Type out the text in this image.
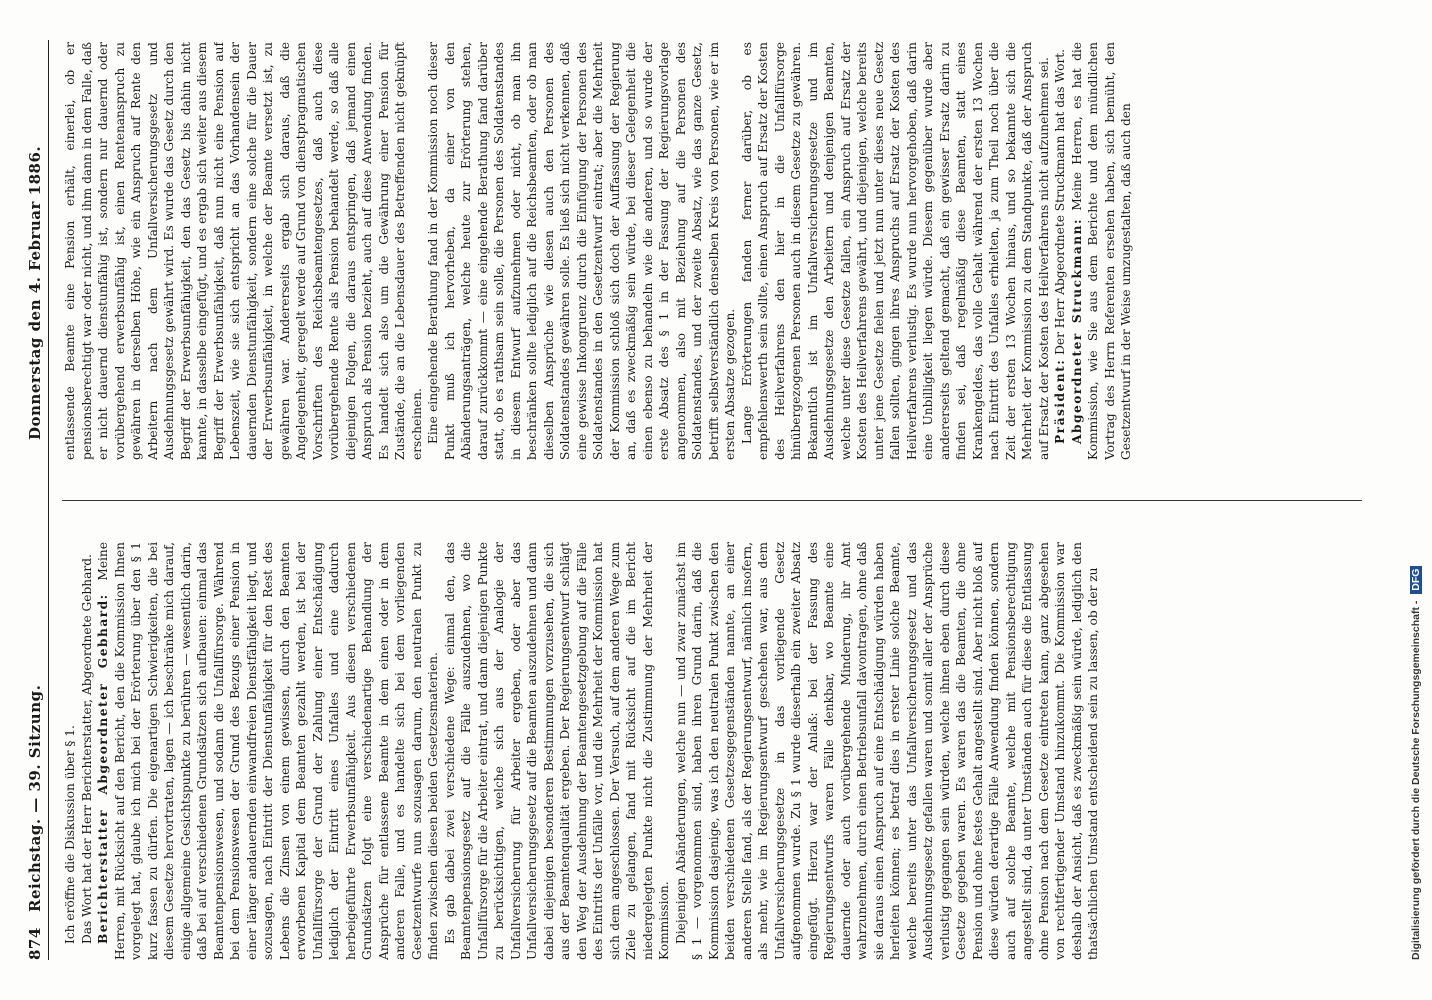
874
Reichstag. — 39. Sitzung.
Donnerstag den 4. Februar 1886.

Ich eröffne die Diskussion über § 1. Das Wort hat der Herr Berichterstatter, Abgeordnete Gebhard. Berichterstatter Abgeordneter Gebhard: Meine Herren, mit Rücksicht auf den Bericht, den die Kommission Ihnen vorgelegt hat, glaube ich mich bei der Erörterung über den § 1 kurz fassen zu dürfen. Die eigenartigen Schwierigkeiten, die bei diesem Gesetze hervortraten, lagen — ich beschränke mich darauf, einige allgemeine Gesichtspunkte zu berühren — wesentlich darin, daß bei auf verschiedenen Grundsätzen sich aufbauen: einmal das Beamtenpensionswesen, und sodann die Unfallfürsorge. Während bei dem Pensionswesen der Grund des Bezugs einer Pension in einer länger andauernden einwandfreien Dienstfähigkeit liegt, und sozusagen, nach Eintritt der Dienstunfähigkeit für den Rest des Lebens die Zinsen von einem gewissen, durch den Beamten erworbenen Kapital dem Beamten gezahlt werden, ist bei der Unfallfürsorge der Grund der Zahlung einer Entschädigung lediglich der Eintritt eines Unfalles und eine dadurch herbeigeführte Erwerbsunfähigkeit. Aus diesen verschiedenen Grundsätzen folgt eine verschiedenartige Behandlung der Ansprüche für entlassene Beamte in dem einen oder in dem anderen Falle, und es handelte sich bei dem vorliegenden Gesetzentwurfe nun sozusagen darum, den neutralen Punkt zu finden zwischen diesen beiden Gesetzesmaterien. Es gab dabei zwei verschiedene Wege: einmal den, das Beamtenpensionsgesetz auf die Fälle auszudehnen, wo die Unfallfürsorge für die Arbeiter eintrat, und dann diejenigen Punkte zu berücksichtigen, welche sich aus der Analogie der Unfallversicherung für Arbeiter ergeben, oder aber das Unfallversicherungsgesetz auf die Beamten auszudehnen und dann dabei diejenigen besonderen Bestimmungen vorzusehen, die sich aus der Beamtenqualität ergeben. Der Regierungsentwurf schlägt den Weg der Ausdehnung der Beamtengesetzgebung auf die Fälle des Eintritts der Unfälle vor, und die Mehrheit der Kommission hat sich dem angeschlossen. Der Versuch, auf dem anderen Wege zum Ziele zu gelangen, fand mit Rücksicht auf die im Bericht niedergelegten Punkte nicht die Zustimmung der Mehrheit der Kommission. Diejenigen Abänderungen, welche nun — und zwar zunächst im § 1 — vorgenommen sind, haben ihren Grund darin, daß die Kommission dasjenige, was ich den neutralen Punkt zwischen den beiden verschiedenen Gesetzesgegenständen nannte, an einer anderen Stelle fand, als der Regierungsentwurf, nämlich insofern, als mehr, wie im Regierungsentwurf geschehen war, aus dem Unfallversicherungsgesetze in das vorliegende Gesetz aufgenommen wurde. Zu § 1 wurde dieserhalb ein zweiter Absatz eingefügt. Hierzu war der Anlaß: bei der Fassung des Regierungsentwurfs waren Fälle denkbar, wo Beamte eine dauernde oder auch vorübergehende Minderung, ihr Amt wahrzunehmen, durch einen Betriebsunfall davontragen, ohne daß sie daraus einen Anspruch auf eine Entschädigung würden haben herleiten können; es betraf dies in erster Linie solche Beamte, welche bereits unter das Unfallversicherungsgesetz und das Ausdehnungsgesetz gefallen waren und somit aller der Ansprüche verlustig gegangen sein würden, welche ihnen eben durch diese Gesetze gegeben waren. Es waren das die Beamten, die ohne Pension und ohne festes Gehalt angestellt sind. Aber nicht bloß auf diese würden derartige Fälle Anwendung finden können, sondern auch auf solche Beamte, welche mit Pensionsberechtigung angestellt sind, da unter Umständen auch für diese die Entlassung ohne Pension nach dem Gesetze eintreten kann, ganz abgesehen von rechtfertigender Umstand hinzukommt. Die Kommission war deshalb der Ansicht, daß es zweckmäßig sein würde, lediglich den thatsächlichen Umstand entscheidend sein zu lassen, ob der zu

entlassende Beamte eine Pension erhält, einerlei, ob er pensionsberechtigt war oder nicht, und ihm dann in dem Falle, daß er nicht dauernd dienstunfähig ist, sondern nur dauernd oder vorübergehend erwerbsunfähig ist, einen Rentenanspruch zu gewähren in derselben Höhe, wie ein Anspruch auf Rente den Arbeitern nach dem Unfallversicherungsgesetz und Ausdehnungsgesetz gewährt wird. Es wurde das Gesetz durch den Begriff der Erwerbsunfähigkeit, den das Gesetz bis dahin nicht kannte, in dasselbe eingefügt, und es ergab sich weiter aus diesem Begriff der Erwerbsunfähigkeit, daß nun nicht eine Pension auf Lebenszeit, wie sie sich entspricht an das Vorhandensein der dauernden Dienstunfähigkeit, sondern eine solche für die Dauer der Erwerbsunfähigkeit, in welche der Beamte versetzt ist, zu gewähren war. Andererseits ergab sich daraus, daß die Angelegenheit, geregelt werde auf Grund von dienstpragmatischen Vorschriften des Reichsbeamtengesetzes, daß auch diese vorübergehende Rente als Pension behandelt werde, so daß alle diejenigen Folgen, die daraus entspringen, daß jemand einen Anspruch als Pension bezieht, auch auf diese Anwendung finden. Es handelt sich also um die Gewährung einer Pension für Zustände, die an die Lebensdauer des Betreffenden nicht geknüpft erscheinen. Eine eingehende Berathung fand in der Kommission noch dieser Punkt muß ich hervorheben, da einer von den Abänderungsanträgen, welche heute zur Erörterung stehen, darauf zurückkommt — eine eingehende Berathung fand darüber statt, ob es rathsam sein solle, die Personen des Soldatenstandes in diesem Entwurf aufzunehmen oder nicht, ob man ihn beschränken sollte lediglich auf die Reichsbeamten, oder ob man dieselben Ansprüche wie diesen auch den Personen des Soldatenstandes gewähren solle. Es ließ sich nicht verkennen, daß eine gewisse Inkongruenz durch die Einfügung der Personen des Soldatenstandes in den Gesetzentwurf eintrat; aber die Mehrheit der Kommission schloß sich doch der Auffassung der Regierung an, daß es zweckmäßig sein würde, bei dieser Gelegenheit die einen ebenso zu behandeln wie die anderen, und so wurde der erste Absatz des § 1 in der Fassung der Regierungsvorlage angenommen, also mit Beziehung auf die Personen des Soldatenstandes, und der zweite Absatz, wie das ganze Gesetz, betrifft selbstverständlich denselben Kreis von Personen, wie er im ersten Absatze gezogen. Lange Erörterungen fanden ferner darüber, ob es empfehlenswerth sein sollte, einen Anspruch auf Ersatz der Kosten des Heilverfahrens den hier in die Unfallfürsorge hinübergezogenen Personen auch in diesem Gesetze zu gewähren. Bekanntlich ist im Unfallversicherungsgesetze und im Ausdehnungsgesetze den Arbeitern und denjenigen Beamten, welche unter diese Gesetze fallen, ein Anspruch auf Ersatz der Kosten des Heilverfahrens gewährt, und diejenigen, welche bereits unter jene Gesetze fielen und jetzt nun unter dieses neue Gesetz fallen sollten, gingen ihres Anspruchs auf Ersatz der Kosten des Heilverfahrens verlustig. Es wurde nun hervorgehoben, daß darin eine Unbilligkeit liegen würde. Diesem gegenüber wurde aber andererseits geltend gemacht, daß ein gewisser Ersatz darin zu finden sei, daß regelmäßig diese Beamten, statt eines Krankengeldes, das volle Gehalt während der ersten 13 Wochen nach Eintritt des Unfalles erhielten, ja zum Theil noch über die Zeit der ersten 13 Wochen hinaus, und so bekannte sich die Mehrheit der Kommission zu dem Standpunkte, daß der Anspruch auf Ersatz der Kosten des Heilverfahrens nicht aufzunehmen sei. Präsident: Der Herr Abgeordnete Struckmann hat das Wort. Abgeordneter Struckmann: Meine Herren, es hat die Kommission, wie Sie aus dem Berichte und dem mündlichen Vortrag des Herrn Referenten ersehen haben, sich bemüht, den Gesetzentwurf in der Weise umzugestalten, daß auch den

Digitalisierung gefördert durch die Deutsche Forschungsgemeinschaft - DFG
